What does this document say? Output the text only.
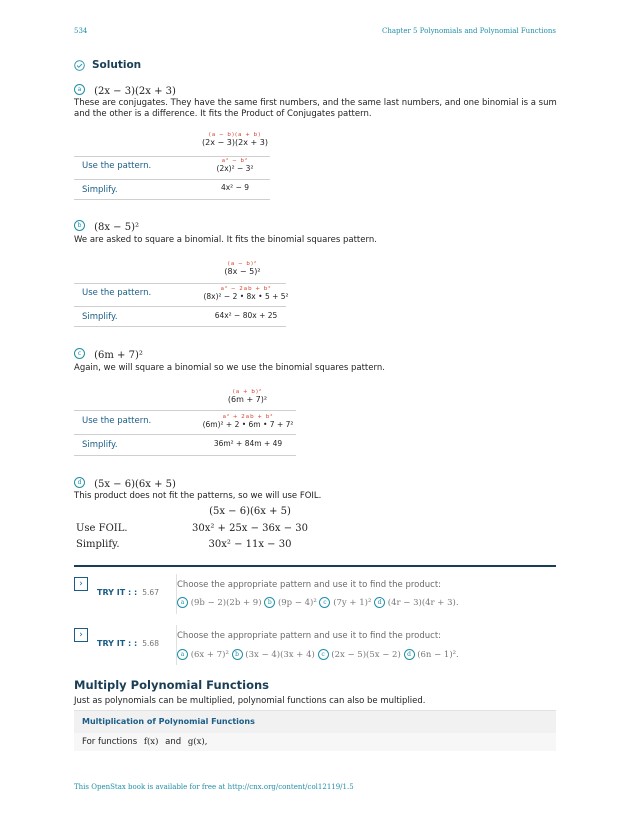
534	Chapter 5 Polynomials and Polynomial Functions
Solution
a (2x − 3)(2x + 3)
These are conjugates. They have the same first numbers, and the same last numbers, and one binomial is a sum and the other is a difference. It fits the Product of Conjugates pattern.
(a − b)(a + b)
(2x − 3)(2x + 3)
Use the pattern.	a² − b²
(2x)² − 3²
Simplify.	4x² − 9
b (8x − 5)²
We are asked to square a binomial. It fits the binomial squares pattern.
(a − b)²
(8x − 5)²
Use the pattern.	a² − 2ab + b²
(8x)² − 2 • 8x • 5 + 5²
Simplify.	64x² − 80x + 25
c (6m + 7)²
Again, we will square a binomial so we use the binomial squares pattern.
(a + b)²
(6m + 7)²
Use the pattern.	a² + 2ab + b²
(6m)² + 2 • 6m • 7 + 7²
Simplify.	36m² + 84m + 49
d (5x − 6)(6x + 5)
This product does not fit the patterns, so we will use FOIL.
(5x − 6)(6x + 5)
Use FOIL.	30x² + 25x − 36x − 30
Simplify.	30x² − 11x − 30
›
TRY IT : : 5.67
Choose the appropriate pattern and use it to find the product:
a (9b − 2)(2b + 9) b (9p − 4)² c (7y + 1)² d (4r − 3)(4r + 3).
›
TRY IT : : 5.68
Choose the appropriate pattern and use it to find the product:
a (6x + 7)² b (3x − 4)(3x + 4) c (2x − 5)(5x − 2) d (6n − 1)².
Multiply Polynomial Functions
Just as polynomials can be multiplied, polynomial functions can also be multiplied.
Multiplication of Polynomial Functions
For functions f(x) and g(x),
This OpenStax book is available for free at http://cnx.org/content/col12119/1.5
